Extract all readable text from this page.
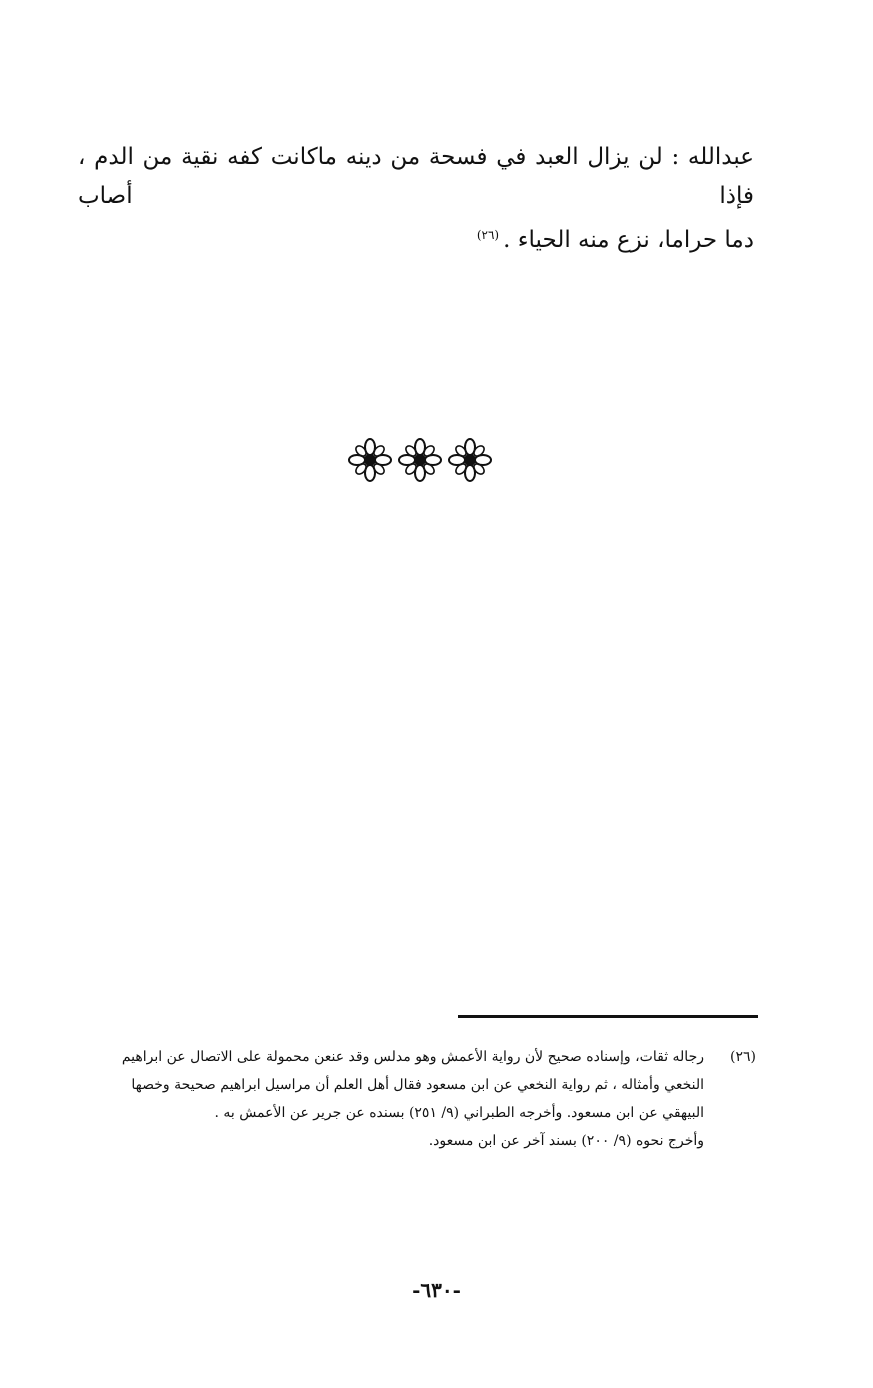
عبدالله : لن يزال العبد في فسحة من دينه ماكانت كفه نقية من الدم ، فإذا أصاب
دما حراما، نزع منه الحياء .$^{(٢٦)}$
(٢٦)
رجاله ثقات، وإسناده صحيح لأن رواية الأعمش وهو مدلس وقد عنعن محمولة على الاتصال عن ابراهيم
النخعي وأمثاله ، ثم رواية النخعي عن ابن مسعود فقال أهل العلم أن مراسيل ابراهيم صحيحة وخصها
البيهقي عن ابن مسعود. وأخرجه الطبراني (٩/ ٢٥١) بسنده عن جرير عن الأعمش به .
وأخرج نحوه (٩/ ٢٠٠) بسند آخر عن ابن مسعود.
-٦٣٠-
